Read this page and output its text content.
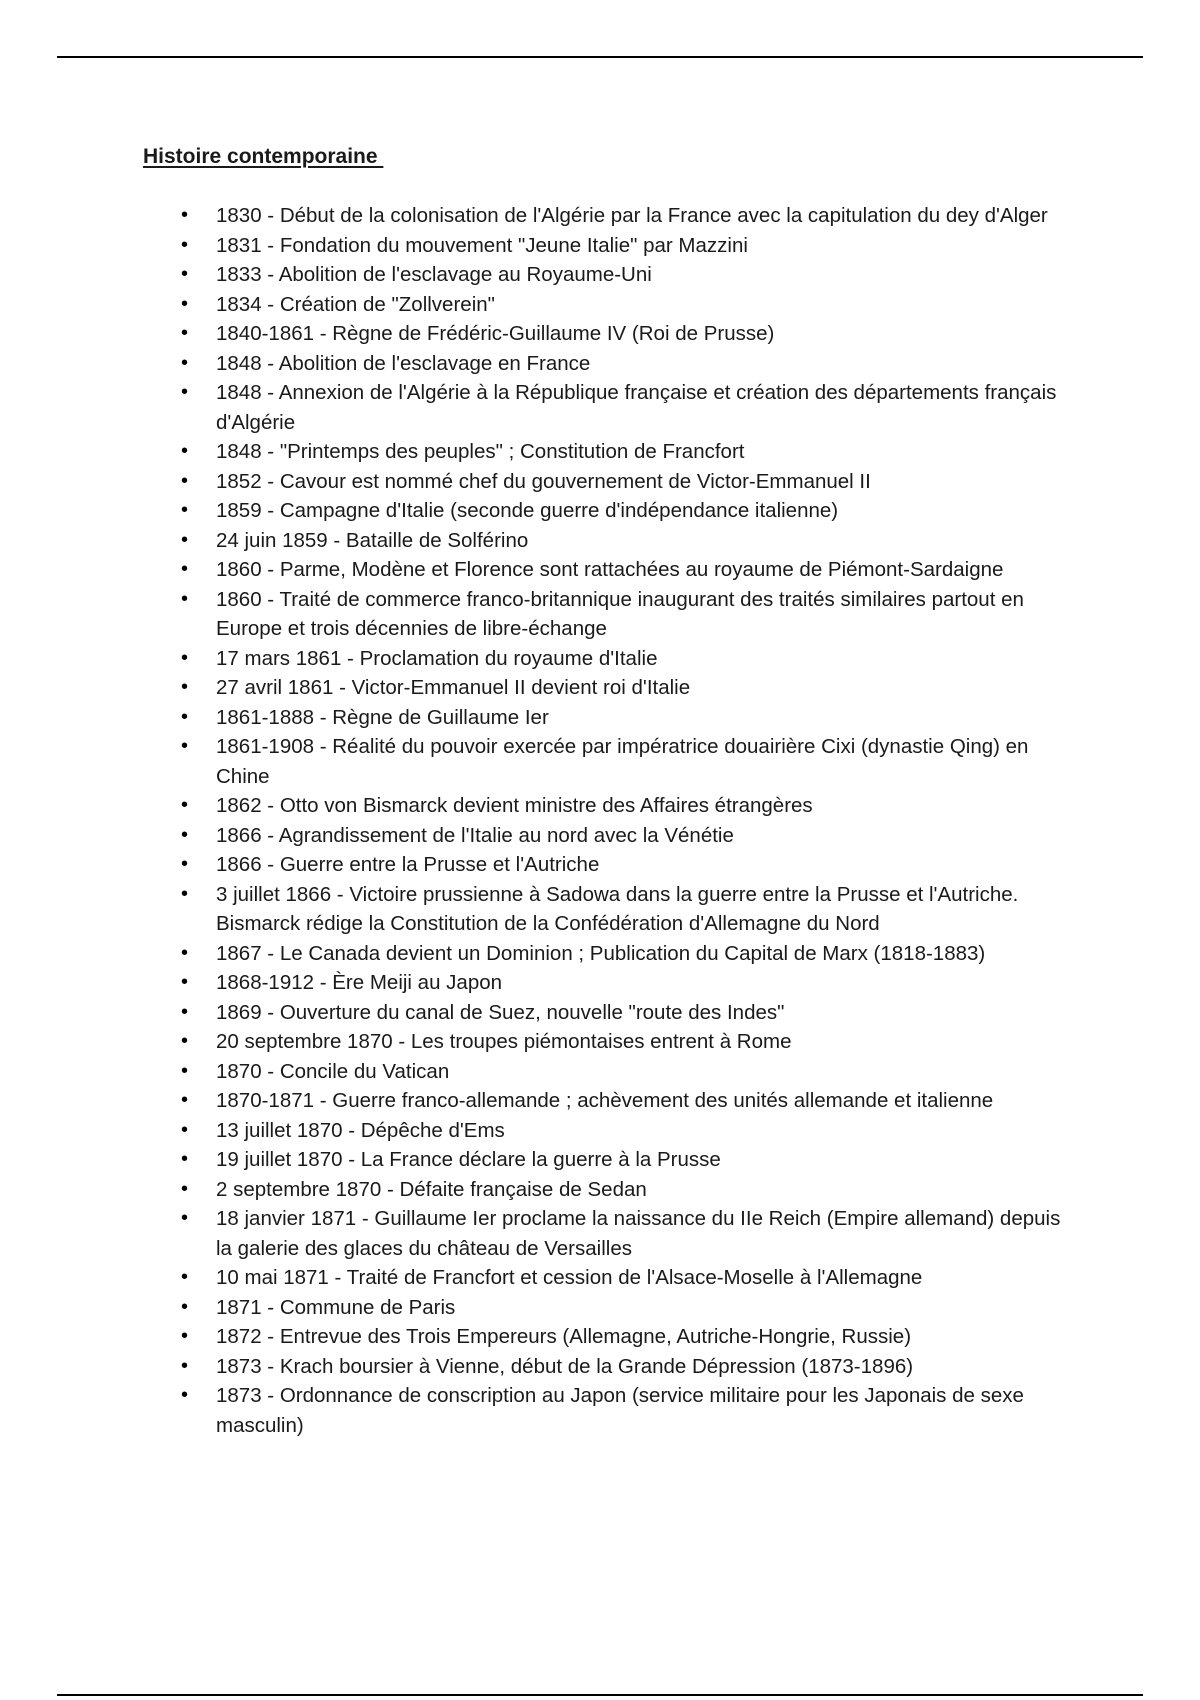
Histoire contemporaine
• 1830 - Début de la colonisation de l'Algérie par la France avec la capitulation du dey d'Alger
• 1831 - Fondation du mouvement "Jeune Italie" par Mazzini
• 1833 - Abolition de l'esclavage au Royaume-Uni
• 1834 - Création de "Zollverein"
• 1840-1861 - Règne de Frédéric-Guillaume IV (Roi de Prusse)
• 1848 - Abolition de l'esclavage en France
• 1848 - Annexion de l'Algérie à la République française et création des départements français d'Algérie
• 1848 - "Printemps des peuples" ; Constitution de Francfort
• 1852 - Cavour est nommé chef du gouvernement de Victor-Emmanuel II
• 1859 - Campagne d'Italie (seconde guerre d'indépendance italienne)
• 24 juin 1859 - Bataille de Solférino
• 1860 - Parme, Modène et Florence sont rattachées au royaume de Piémont-Sardaigne
• 1860 - Traité de commerce franco-britannique inaugurant des traités similaires partout en Europe et trois décennies de libre-échange
• 17 mars 1861 - Proclamation du royaume d'Italie
• 27 avril 1861 - Victor-Emmanuel II devient roi d'Italie
• 1861-1888 - Règne de Guillaume Ier
• 1861-1908 - Réalité du pouvoir exercée par impératrice douairière Cixi (dynastie Qing) en Chine
• 1862 - Otto von Bismarck devient ministre des Affaires étrangères
• 1866 - Agrandissement de l'Italie au nord avec la Vénétie
• 1866 - Guerre entre la Prusse et l'Autriche
• 3 juillet 1866 - Victoire prussienne à Sadowa dans la guerre entre la Prusse et l'Autriche. Bismarck rédige la Constitution de la Confédération d'Allemagne du Nord
• 1867 - Le Canada devient un Dominion ; Publication du Capital de Marx (1818-1883)
• 1868-1912 - Ère Meiji au Japon
• 1869 - Ouverture du canal de Suez, nouvelle "route des Indes"
• 20 septembre 1870 - Les troupes piémontaises entrent à Rome
• 1870 - Concile du Vatican
• 1870-1871 - Guerre franco-allemande ; achèvement des unités allemande et italienne
• 13 juillet 1870 - Dépêche d'Ems
• 19 juillet 1870 - La France déclare la guerre à la Prusse
• 2 septembre 1870 - Défaite française de Sedan
• 18 janvier 1871 - Guillaume Ier proclame la naissance du IIe Reich (Empire allemand) depuis la galerie des glaces du château de Versailles
• 10 mai 1871 - Traité de Francfort et cession de l'Alsace-Moselle à l'Allemagne
• 1871 - Commune de Paris
• 1872 - Entrevue des Trois Empereurs (Allemagne, Autriche-Hongrie, Russie)
• 1873 - Krach boursier à Vienne, début de la Grande Dépression (1873-1896)
• 1873 - Ordonnance de conscription au Japon (service militaire pour les Japonais de sexe masculin)
